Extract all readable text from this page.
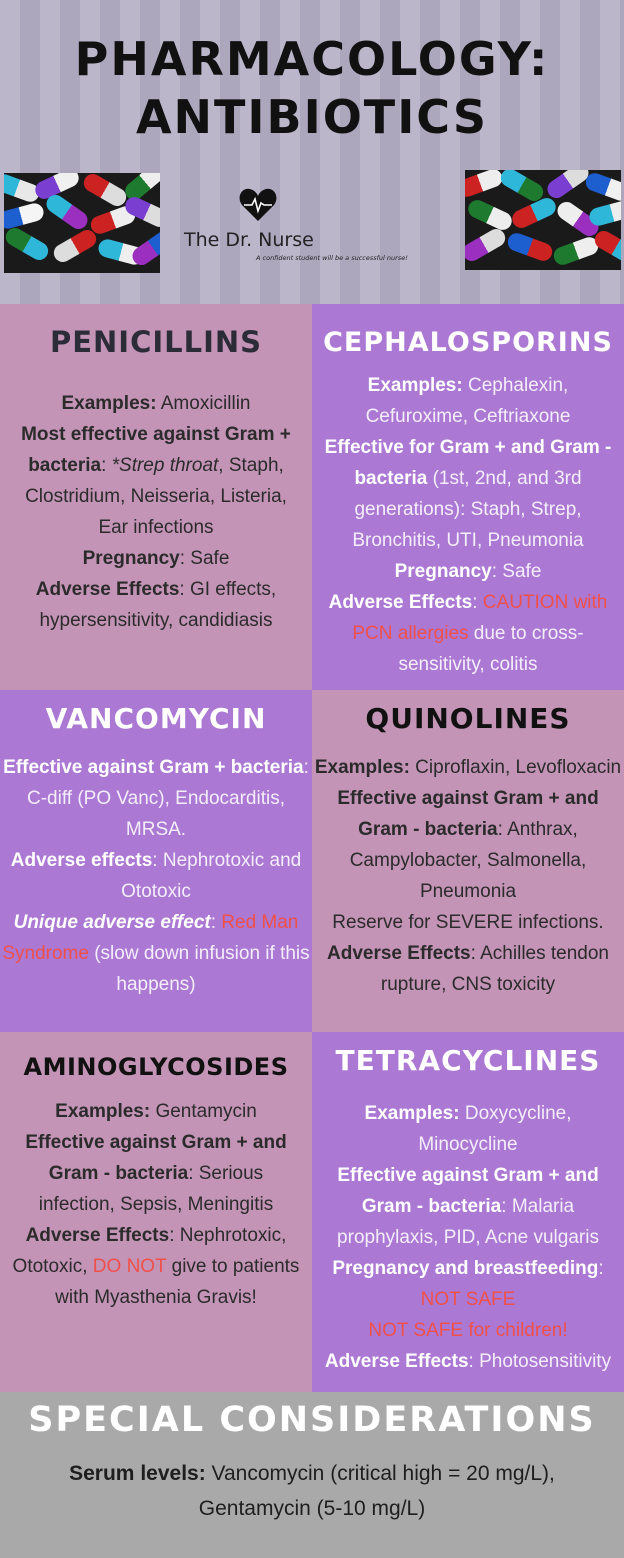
PHARMACOLOGY:
ANTIBIOTICS
The Dr. Nurse
A confident student will be a successful nurse!
PENICILLINS
Examples: Amoxicillin
Most effective against Gram + bacteria: *Strep throat, Staph, Clostridium, Neisseria, Listeria, Ear infections
Pregnancy: Safe
Adverse Effects: GI effects, hypersensitivity, candidiasis
CEPHALOSPORINS
Examples: Cephalexin, Cefuroxime, Ceftriaxone
Effective for Gram + and Gram - bacteria (1st, 2nd, and 3rd generations): Staph, Strep, Bronchitis, UTI, Pneumonia
Pregnancy: Safe
Adverse Effects: CAUTION with PCN allergies due to cross-sensitivity, colitis
VANCOMYCIN
Effective against Gram + bacteria: C-diff (PO Vanc), Endocarditis, MRSA.
Adverse effects: Nephrotoxic and Ototoxic
Unique adverse effect: Red Man Syndrome (slow down infusion if this happens)
QUINOLINES
Examples: Ciproflaxin, Levofloxacin
Effective against Gram + and Gram - bacteria: Anthrax, Campylobacter, Salmonella, Pneumonia
Reserve for SEVERE infections.
Adverse Effects: Achilles tendon rupture, CNS toxicity
AMINOGLYCOSIDES
Examples: Gentamycin
Effective against Gram + and Gram - bacteria: Serious infection, Sepsis, Meningitis
Adverse Effects: Nephrotoxic, Ototoxic, DO NOT give to patients with Myasthenia Gravis!
TETRACYCLINES
Examples: Doxycycline, Minocycline
Effective against Gram + and Gram - bacteria: Malaria prophylaxis, PID, Acne vulgaris
Pregnancy and breastfeeding:
NOT SAFE
NOT SAFE for children!
Adverse Effects: Photosensitivity
SPECIAL CONSIDERATIONS
Serum levels: Vancomycin (critical high = 20 mg/L), Gentamycin (5-10 mg/L)
